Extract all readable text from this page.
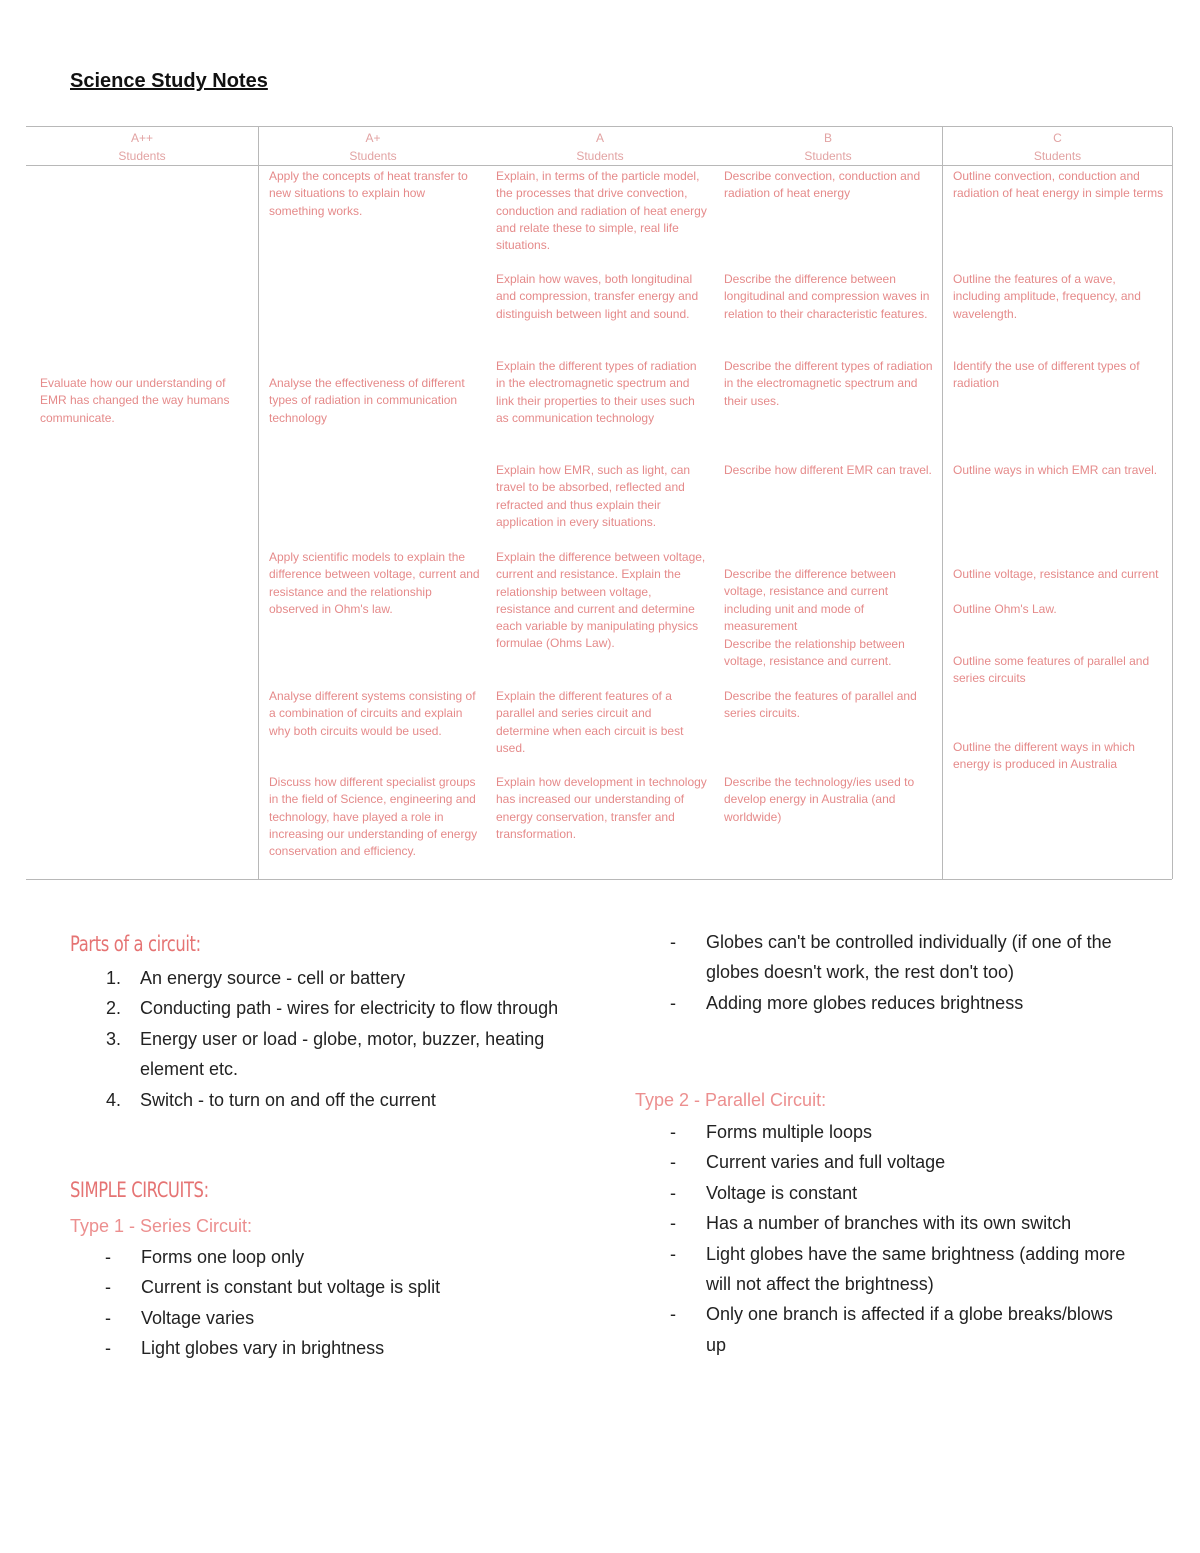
Science Study Notes
A++
Students
Evaluate how our understanding of EMR has changed the way humans communicate.
A+
Students
Apply the concepts of heat transfer to new situations to explain how something works.
Analyse the effectiveness of different types of radiation in communication technology
Apply scientific models to explain the difference between voltage, current and resistance and the relationship observed in Ohm's law.
Analyse different systems consisting of a combination of circuits and explain why both circuits would be used.
Discuss how different specialist groups in the field of Science, engineering and technology, have played a role in increasing our understanding of energy conservation and efficiency.
A
Students
Explain, in terms of the particle model, the processes that drive convection, conduction and radiation of heat energy and relate these to simple, real life situations.
Explain how waves, both longitudinal and compression, transfer energy and distinguish between light and sound.
Explain the different types of radiation in the electromagnetic spectrum and link their properties to their uses such as communication technology
Explain how EMR, such as light, can travel to be absorbed, reflected and refracted and thus explain their application in every situations.
Explain the difference between voltage, current and resistance. Explain the relationship between voltage, resistance and current and determine each variable by manipulating physics formulae (Ohms Law).
Explain the different features of a parallel and series circuit and determine when each circuit is best used.
Explain how development in technology has increased our understanding of energy conservation, transfer and transformation.
B
Students
Describe convection, conduction and radiation of heat energy
Describe the difference between longitudinal and compression waves in relation to their characteristic features.
Describe the different types of radiation in the electromagnetic spectrum and their uses.
Describe how different EMR can travel.
Describe the difference between voltage, resistance and current including unit and mode of measurement
Describe the relationship between voltage, resistance and current.
Describe the features of parallel and series circuits.
Describe the technology/ies used to develop energy in Australia (and worldwide)
C
Students
Outline convection, conduction and radiation of heat energy in simple terms
Outline the features of a wave, including amplitude, frequency, and wavelength.
Identify the use of different types of radiation
Outline ways in which EMR can travel.
Outline voltage, resistance and current
Outline Ohm's Law.
Outline some features of parallel and series circuits
Outline the different ways in which energy is produced in Australia
Parts of a circuit:
1. An energy source - cell or battery
2. Conducting path - wires for electricity to flow through
3. Energy user or load - globe, motor, buzzer, heating element etc.
4. Switch - to turn on and off the current
SIMPLE CIRCUITS:
Type 1 - Series Circuit:
- Forms one loop only
- Current is constant but voltage is split
- Voltage varies
- Light globes vary in brightness
- Globes can't be controlled individually (if one of the globes doesn't work, the rest don't too)
- Adding more globes reduces brightness
Type 2 - Parallel Circuit:
- Forms multiple loops
- Current varies and full voltage
- Voltage is constant
- Has a number of branches with its own switch
- Light globes have the same brightness (adding more will not affect the brightness)
- Only one branch is affected if a globe breaks/blows up
